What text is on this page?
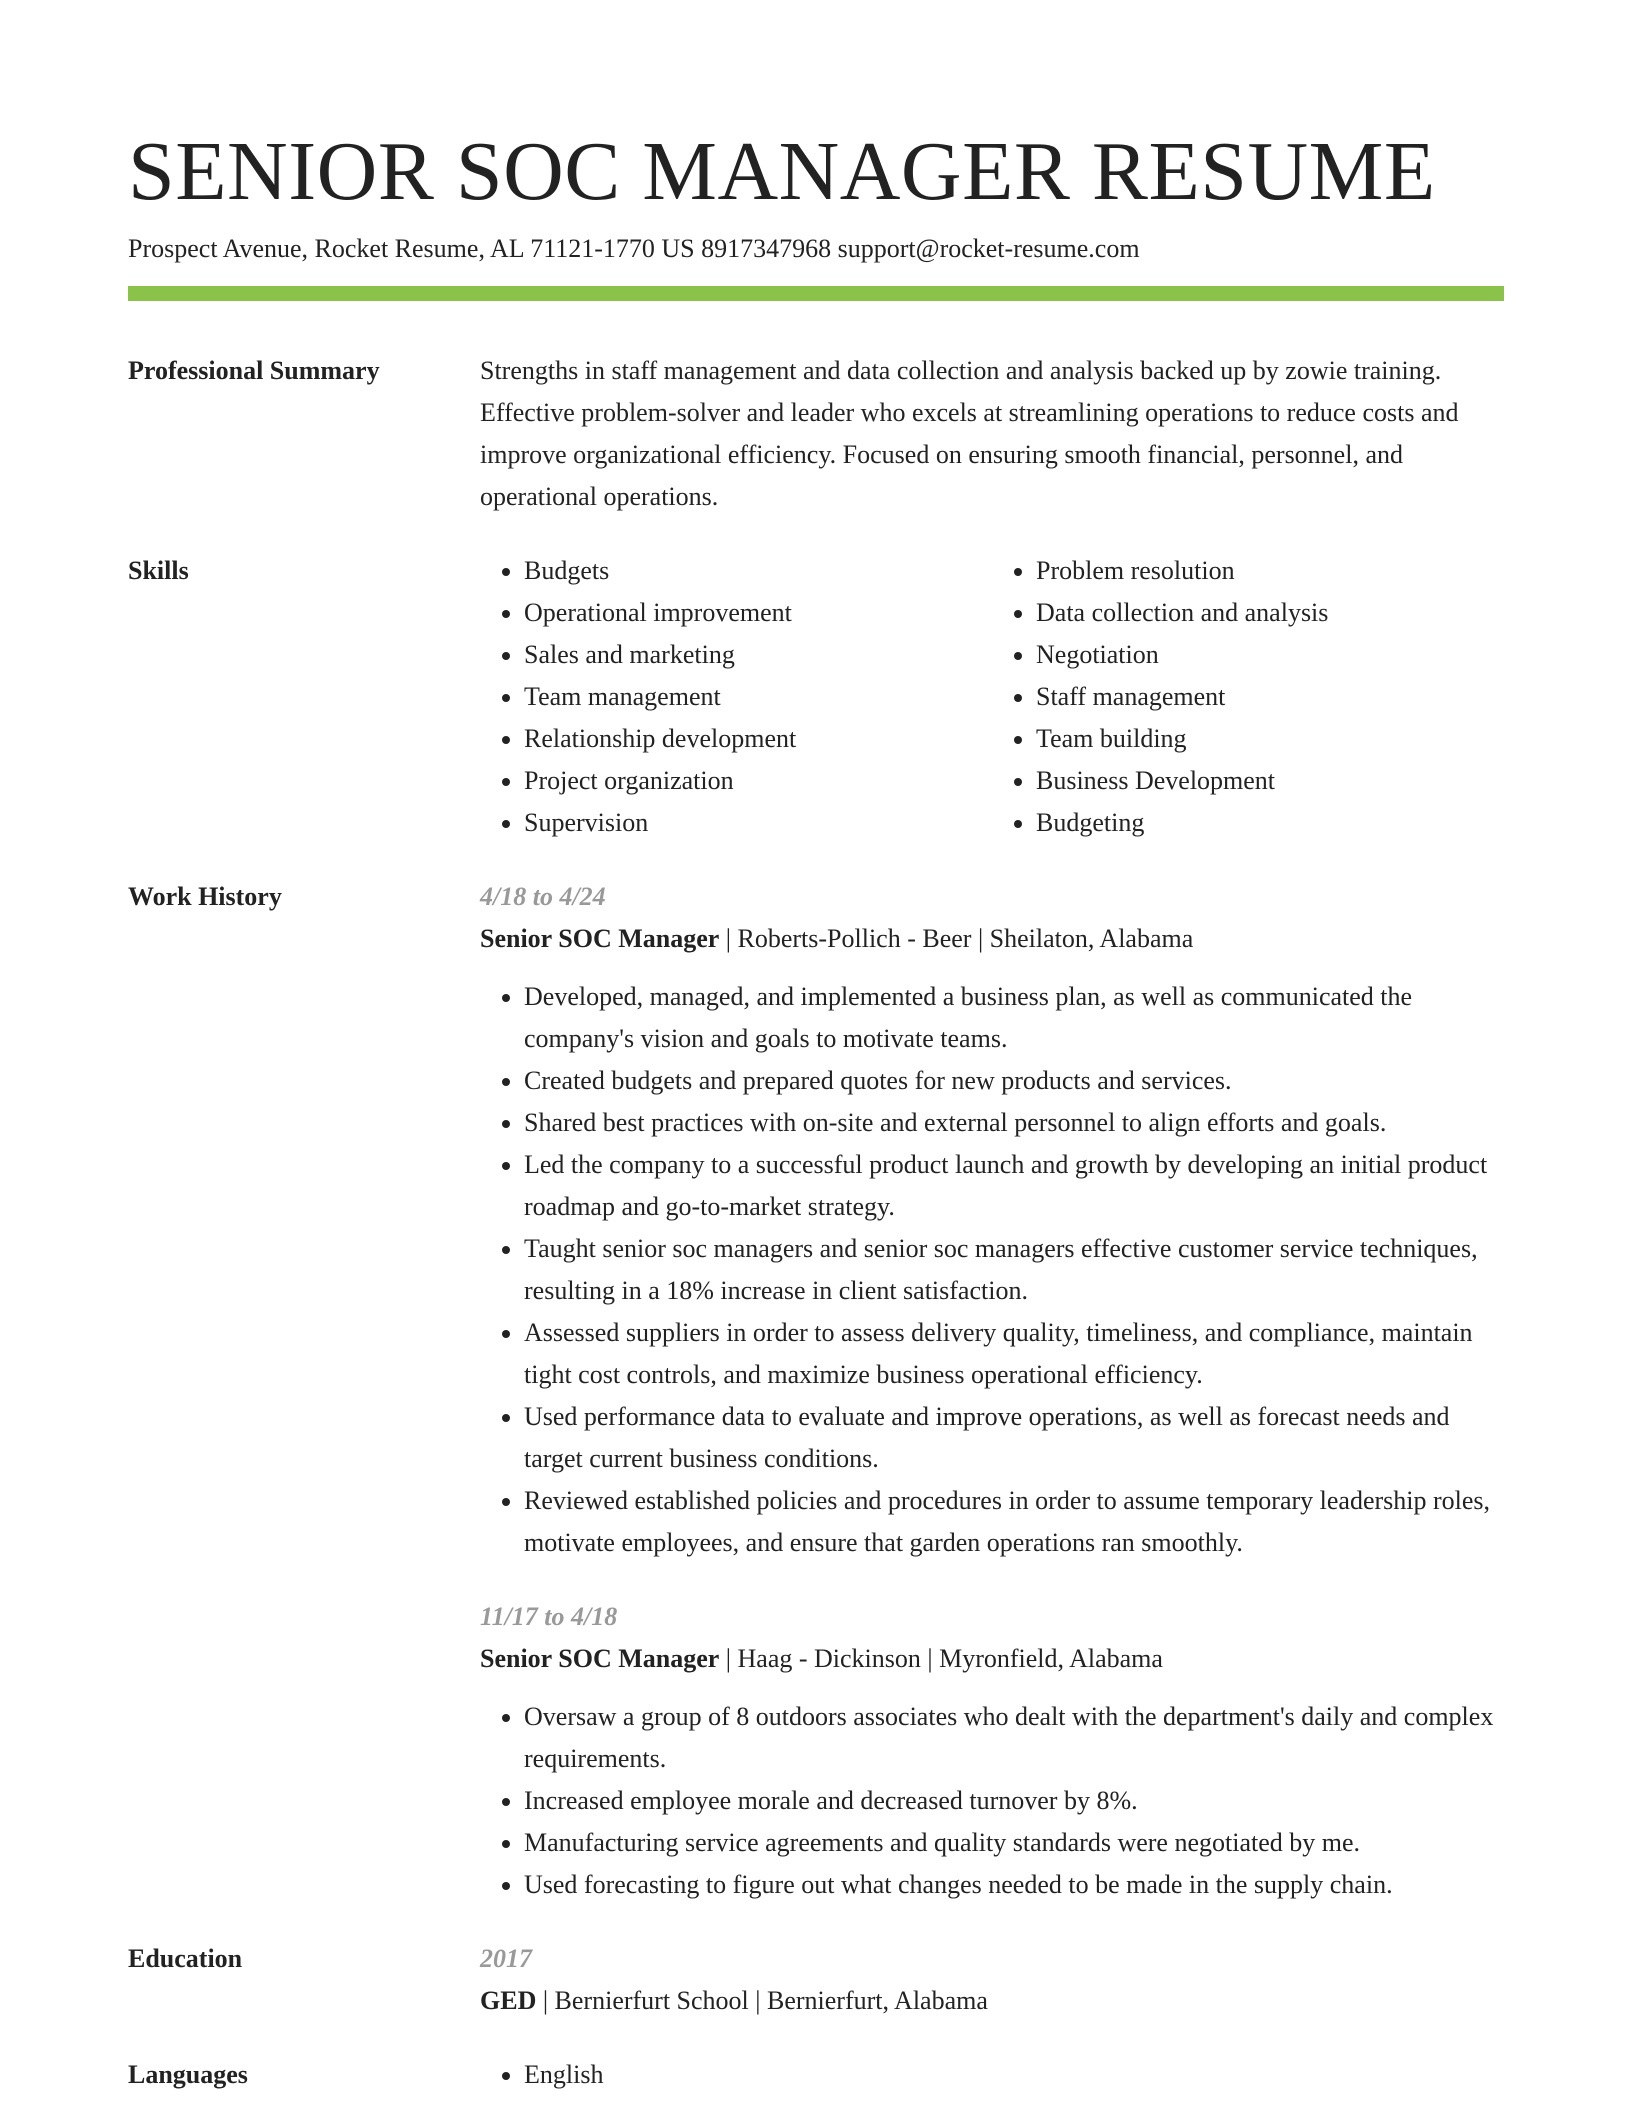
SENIOR SOC MANAGER RESUME
Prospect Avenue, Rocket Resume, AL 71121-1770 US 8917347968 support@rocket-resume.com
Professional Summary	Strengths in staff management and data collection and analysis backed up by zowie training. Effective problem-solver and leader who excels at streamlining operations to reduce costs and improve organizational efficiency. Focused on ensuring smooth financial, personnel, and operational operations.
Skills	• Budgets
• Operational improvement
• Sales and marketing
• Team management
• Relationship development
• Project organization
• Supervision
• Problem resolution
• Data collection and analysis
• Negotiation
• Staff management
• Team building
• Business Development
• Budgeting
Work History	4/18 to 4/24
Senior SOC Manager | Roberts-Pollich - Beer | Sheilaton, Alabama
• Developed, managed, and implemented a business plan, as well as communicated the company's vision and goals to motivate teams.
• Created budgets and prepared quotes for new products and services.
• Shared best practices with on-site and external personnel to align efforts and goals.
• Led the company to a successful product launch and growth by developing an initial product roadmap and go-to-market strategy.
• Taught senior soc managers and senior soc managers effective customer service techniques, resulting in a 18% increase in client satisfaction.
• Assessed suppliers in order to assess delivery quality, timeliness, and compliance, maintain tight cost controls, and maximize business operational efficiency.
• Used performance data to evaluate and improve operations, as well as forecast needs and target current business conditions.
• Reviewed established policies and procedures in order to assume temporary leadership roles, motivate employees, and ensure that garden operations ran smoothly.
11/17 to 4/18
Senior SOC Manager | Haag - Dickinson | Myronfield, Alabama
• Oversaw a group of 8 outdoors associates who dealt with the department's daily and complex requirements.
• Increased employee morale and decreased turnover by 8%.
• Manufacturing service agreements and quality standards were negotiated by me.
• Used forecasting to figure out what changes needed to be made in the supply chain.
Education	2017
GED | Bernierfurt School | Bernierfurt, Alabama
Languages	• English
